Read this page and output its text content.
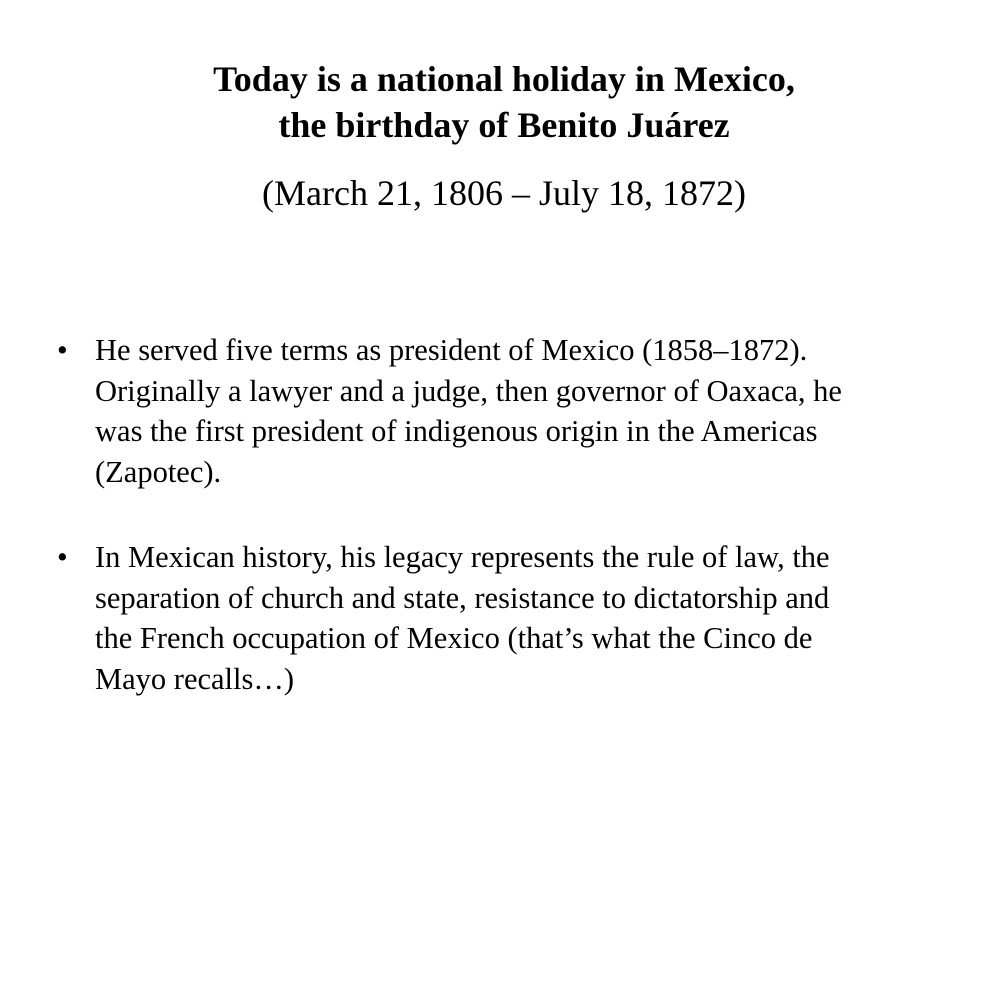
Today is a national holiday in Mexico,
the birthday of Benito Juárez
(March 21, 1806 – July 18, 1872)
• He served five terms as president of Mexico (1858–1872).
Originally a lawyer and a judge, then governor of Oaxaca, he
was the first president of indigenous origin in the Americas
(Zapotec).
• In Mexican history, his legacy represents the rule of law, the
separation of church and state, resistance to dictatorship and
the French occupation of Mexico (that’s what the Cinco de
Mayo recalls…)
